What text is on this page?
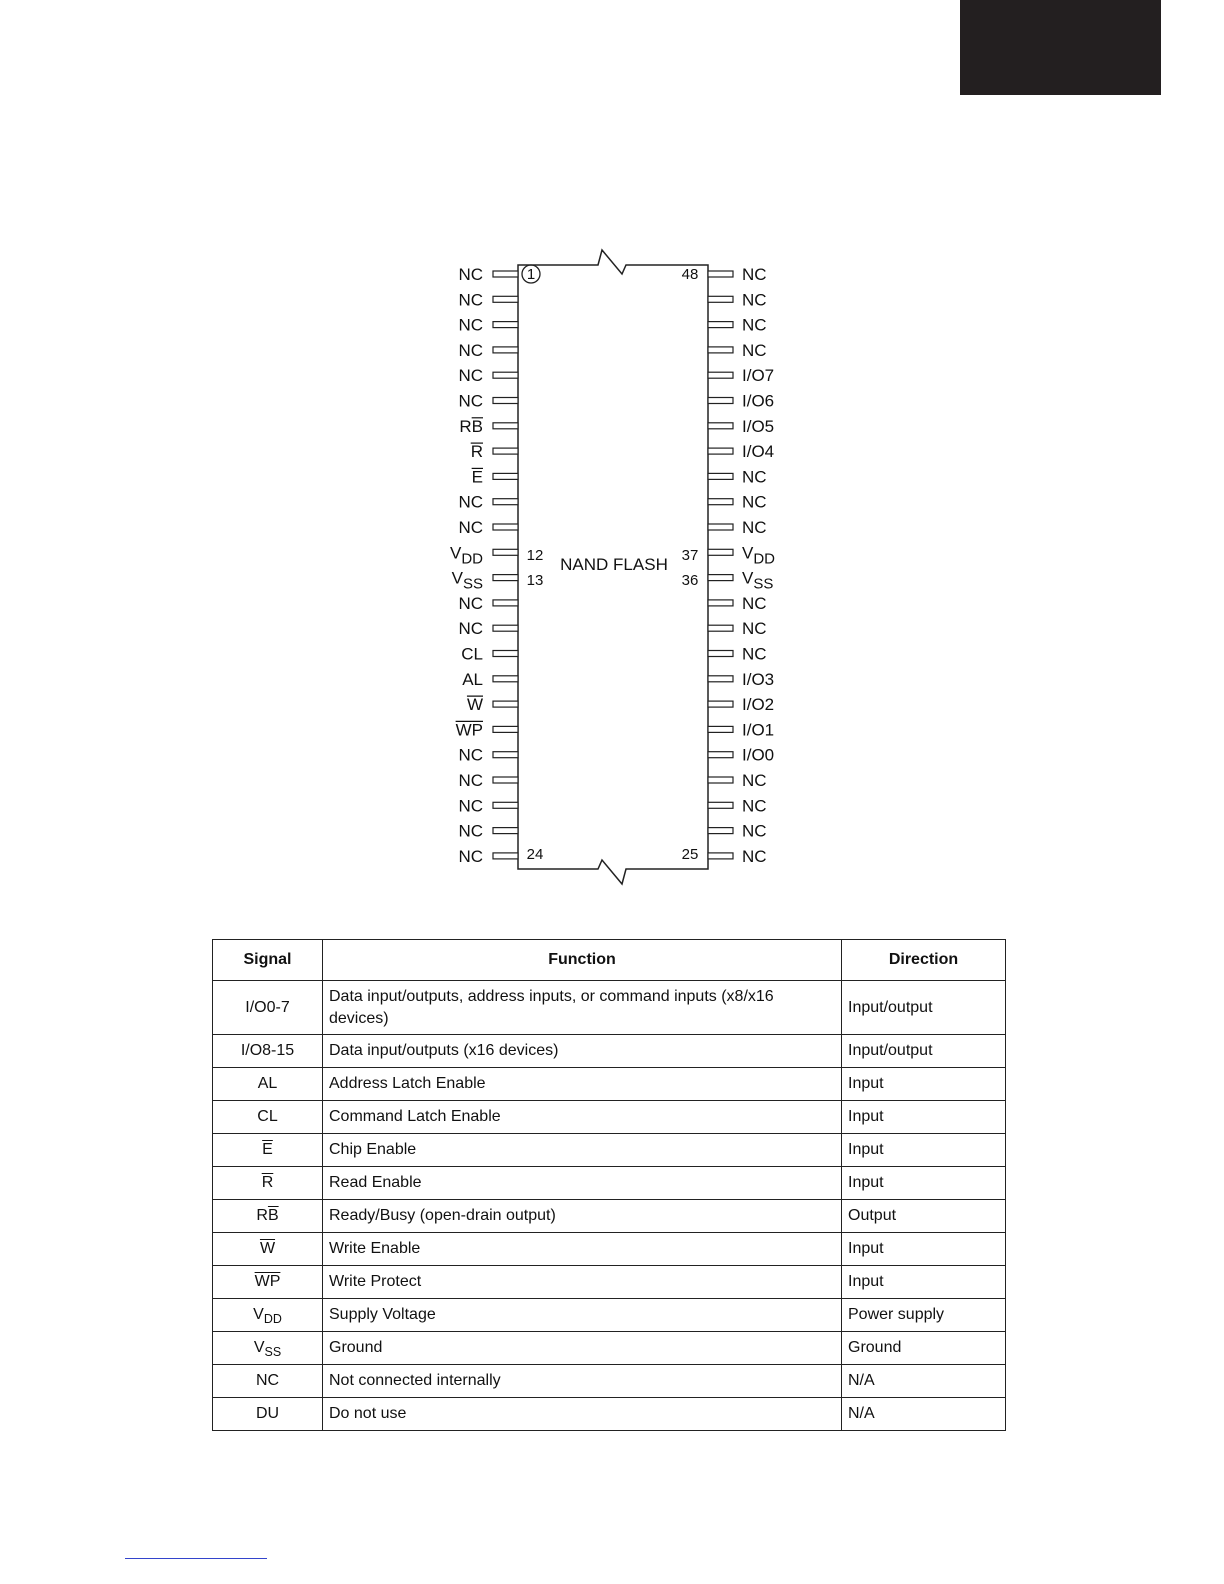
1	48
12
13
37
36
24	25
NAND FLASH
NC
NC
NC
NC
NC
NC
RB
R
E
NC
NC
VDD
VSS
NC
NC
CL
AL
W
WP
NC
NC
NC
NC
NC
NC
NC
NC
NC
I/O7
I/O6
I/O5
I/O4
NC
NC
NC
VDD
VSS
NC
NC
NC
I/O3
I/O2
I/O1
I/O0
NC
NC
NC
NC
Signal	Function	Direction
I/O0-7	Data input/outputs, address inputs, or command inputs (x8/x16 devices)	Input/output
I/O8-15	Data input/outputs (x16 devices)	Input/output
AL	Address Latch Enable	Input
CL	Command Latch Enable	Input
$\overline{E}$	Chip Enable	Input
$\overline{R}$	Read Enable	Input
$R\overline{B}$	Ready/Busy (open-drain output)	Output
$\overline{W}$	Write Enable	Input
$\overline{WP}$	Write Protect	Input
$V_{DD}$	Supply Voltage	Power supply
$V_{SS}$	Ground	Ground
NC	Not connected internally	N/A
DU	Do not use	N/A
